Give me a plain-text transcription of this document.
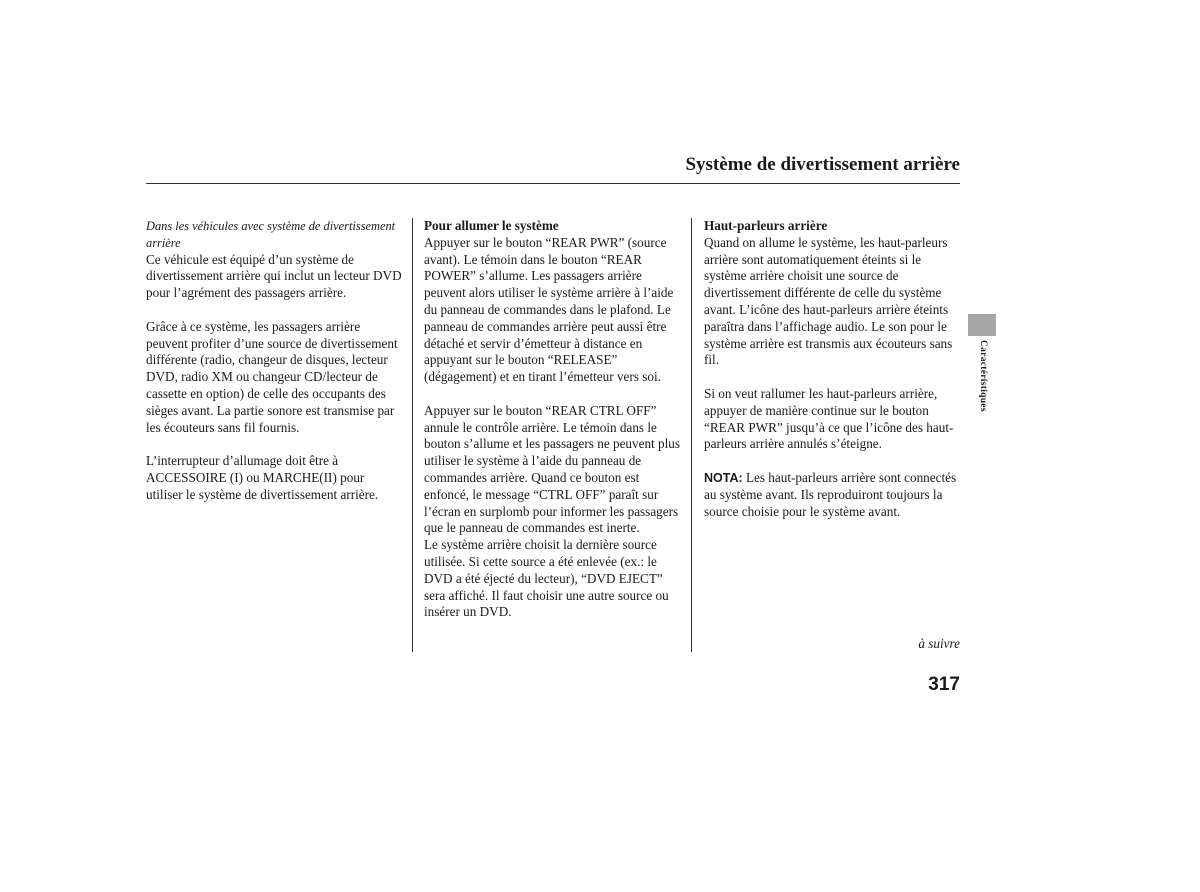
Système de divertissement arrière

Dans les véhicules avec système de divertissement arrière

Ce véhicule est équipé d’un système de divertissement arrière qui inclut un lecteur DVD pour l’agrément des passagers arrière.

Grâce à ce système, les passagers arrière peuvent profiter d’une source de divertissement différente (radio, changeur de disques, lecteur DVD, radio XM ou changeur CD/lecteur de cassette en option) de celle des occupants des sièges avant. La partie sonore est transmise par les écouteurs sans fil fournis.

L’interrupteur d’allumage doit être à ACCESSOIRE (I) ou MARCHE(II) pour utiliser le système de divertissement arrière.

Pour allumer le système

Appuyer sur le bouton “REAR PWR” (source avant). Le témoin dans le bouton “REAR POWER” s’allume. Les passagers arrière peuvent alors utiliser le système arrière à l’aide du panneau de commandes dans le plafond. Le panneau de commandes arrière peut aussi être détaché et servir d’émetteur à distance en appuyant sur le bouton “RELEASE” (dégagement) et en tirant l’émetteur vers soi.

Appuyer sur le bouton “REAR CTRL OFF” annule le contrôle arrière. Le témoin dans le bouton s’allume et les passagers ne peuvent plus utiliser le système à l’aide du panneau de commandes arrière. Quand ce bouton est enfoncé, le message “CTRL OFF” paraît sur l’écran en surplomb pour informer les passagers que le panneau de commandes est inerte.

Le système arrière choisit la dernière source utilisée. Si cette source a été enlevée (ex.: le DVD a été éjecté du lecteur), “DVD EJECT” sera affiché. Il faut choisir une autre source ou insérer un DVD.

Haut-parleurs arrière

Quand on allume le système, les haut-parleurs arrière sont automatiquement éteints si le système arrière choisit une source de divertissement différente de celle du système avant. L’icône des haut-parleurs arrière éteints paraîtra dans l’affichage audio. Le son pour le système arrière est transmis aux écouteurs sans fil.

Si on veut rallumer les haut-parleurs arrière, appuyer de manière continue sur le bouton “REAR PWR” jusqu’à ce que l’icône des haut-parleurs arrière annulés s’éteigne.

NOTA: Les haut-parleurs arrière sont connectés au système avant. Ils reproduiront toujours la source choisie pour le système avant.

Caractéristiques
à suivre
317
